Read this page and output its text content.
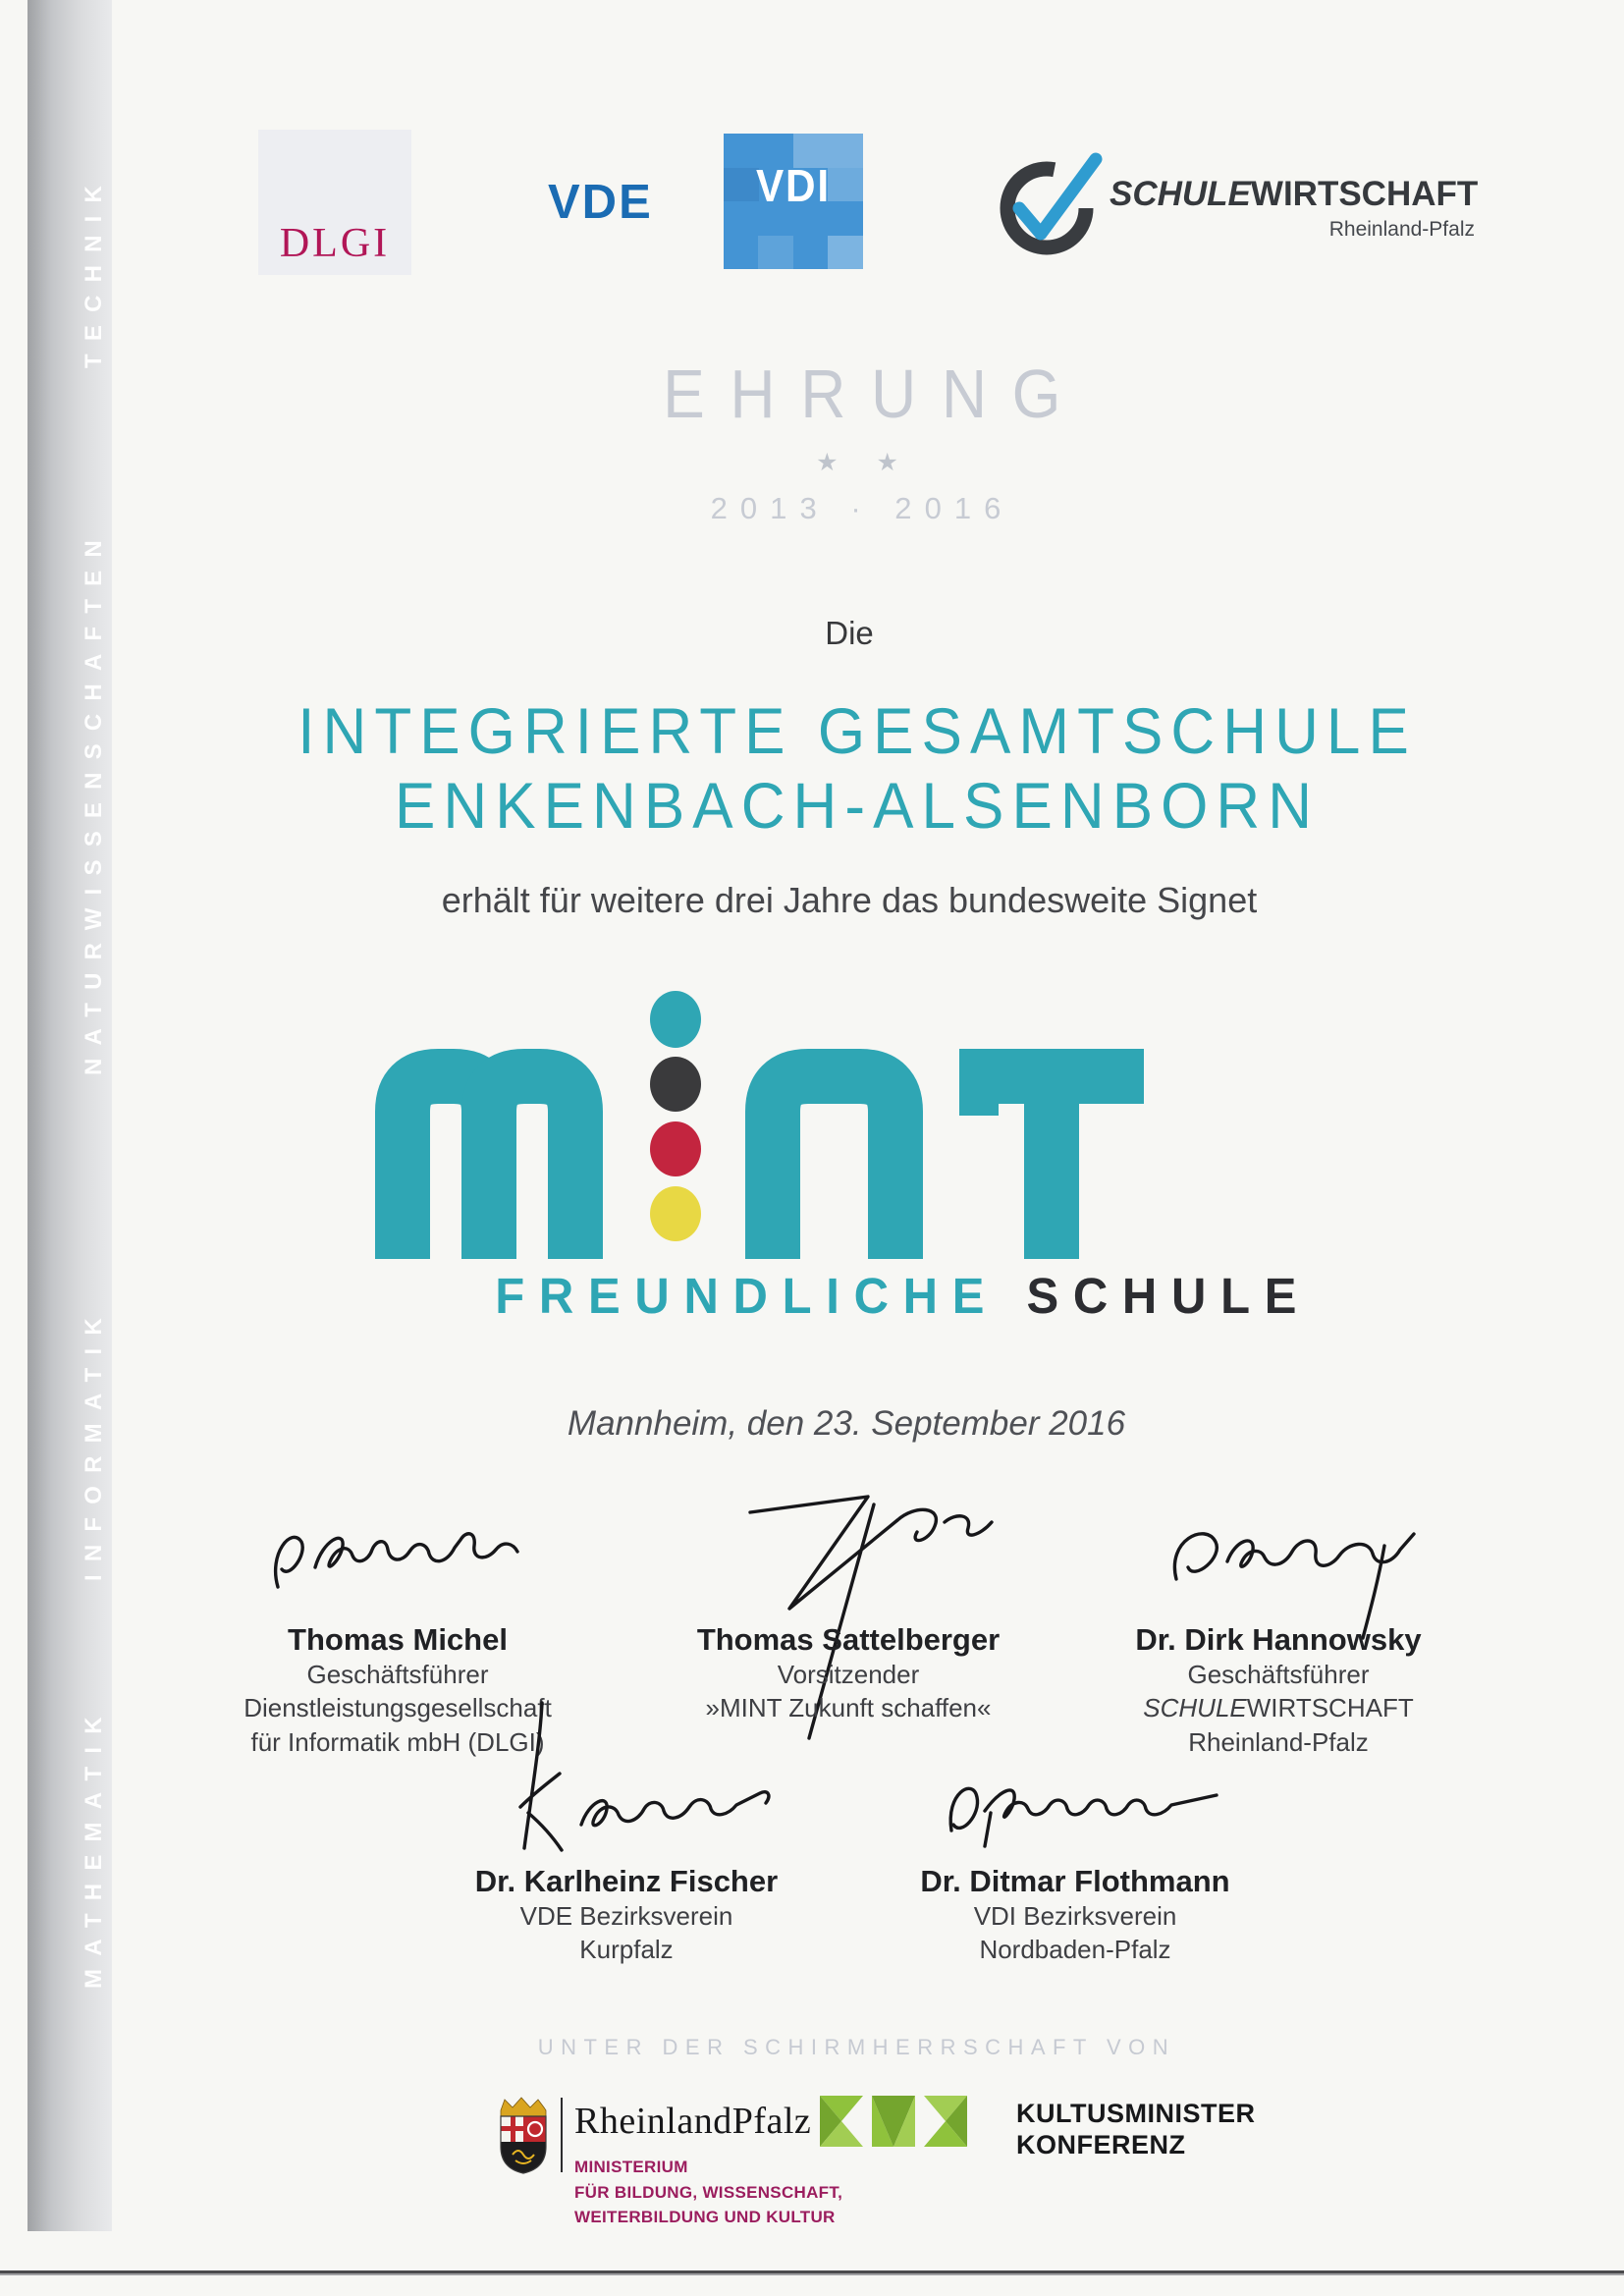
TECHNIK
NATURWISSENSCHAFTEN
INFORMATIK
MATHEMATIK
DLGI
VDE	VDI	SCHULEWIRTSCHAFT
Rheinland-Pfalz
EHRUNG
★ ★
2013 · 2016
Die
INTEGRIERTE GESAMTSCHULE
ENKENBACH-ALSENBORN
erhält für weitere drei Jahre das bundesweite Signet
FREUNDLICHE SCHULE
Mannheim, den 23. September 2016
Thomas Michel
Geschäftsführer
Dienstleistungsgesellschaft
für Informatik mbH (DLGI)
Thomas Sattelberger
Vorsitzender
»MINT Zukunft schaffen«
Dr. Dirk Hannowsky
Geschäftsführer
SCHULEWIRTSCHAFT
Rheinland-Pfalz
Dr. Karlheinz Fischer
VDE Bezirksverein
Kurpfalz
Dr. Ditmar Flothmann
VDI Bezirksverein
Nordbaden-Pfalz
UNTER DER SCHIRMHERRSCHAFT VON
RheinlandPfalz
MINISTERIUM
FÜR BILDUNG, WISSENSCHAFT,
WEITERBILDUNG UND KULTUR
KULTUSMINISTER
KONFERENZ
